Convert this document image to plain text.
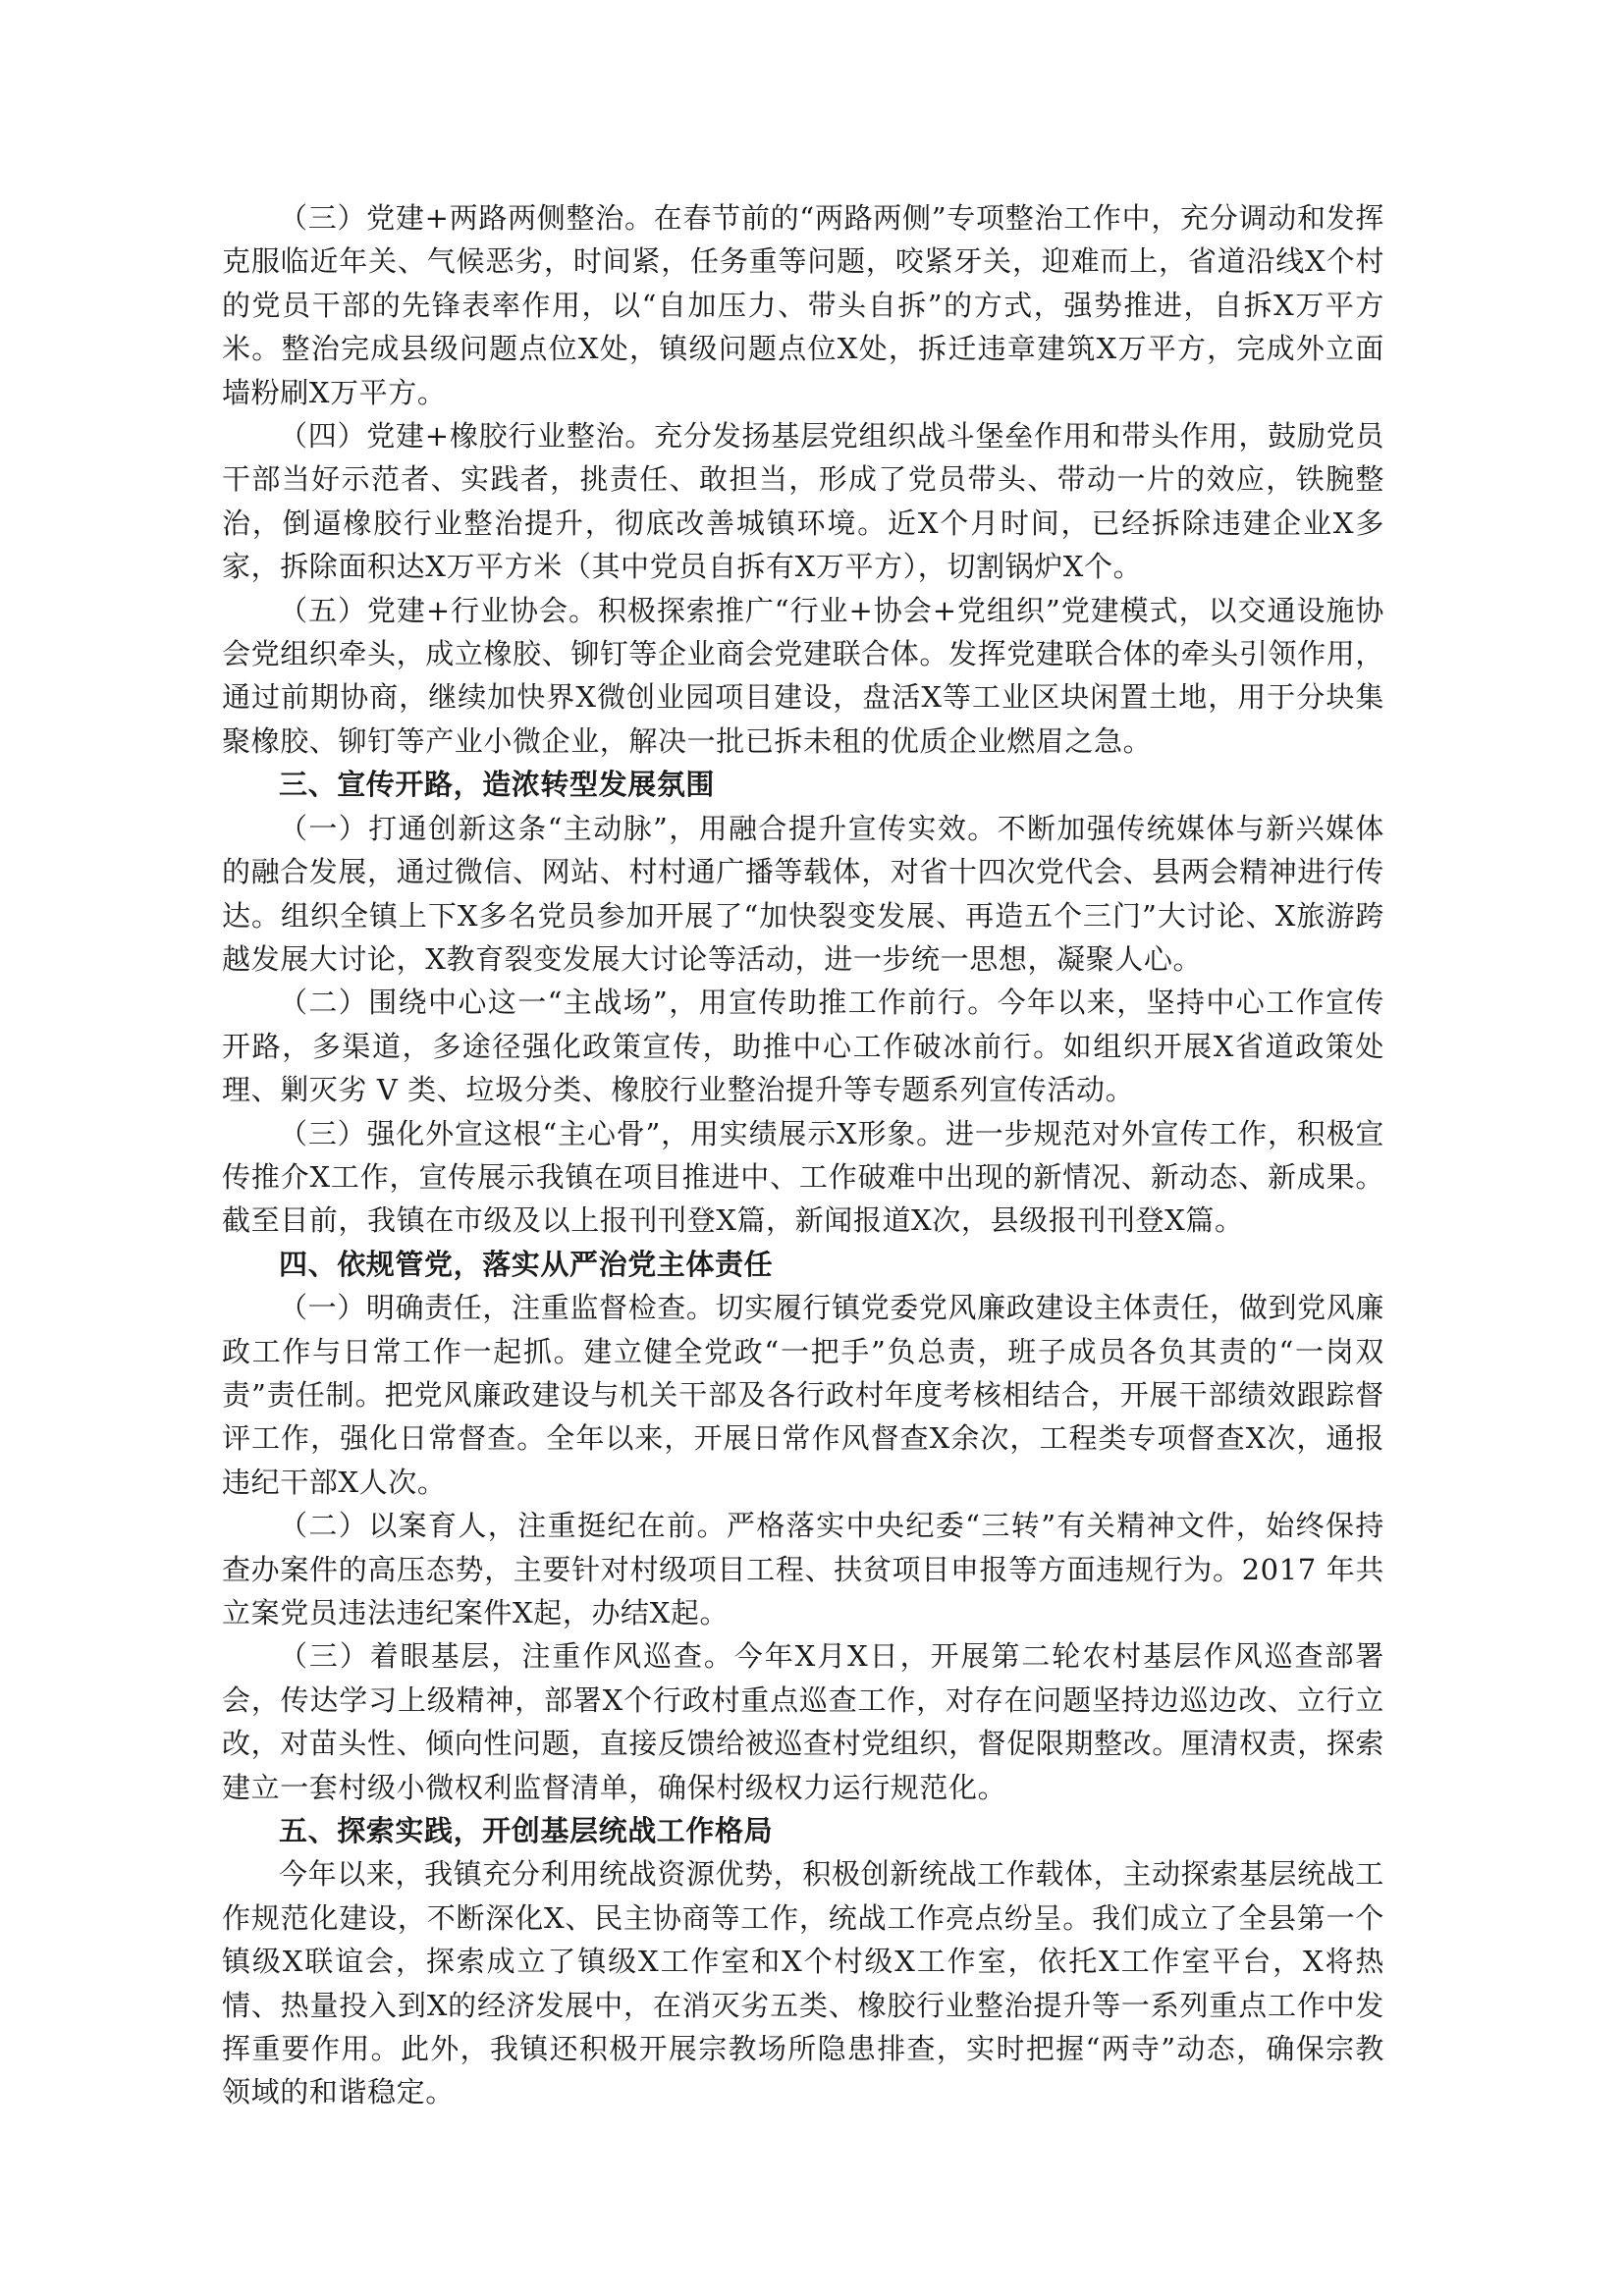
（三）党建+两路两侧整治。在春节前的“两路两侧”专项整治工作中，充分调动和发挥克服临近年关、气候恶劣，时间紧，任务重等问题，咬紧牙关，迎难而上，省道沿线X个村的党员干部的先锋表率作用，以“自加压力、带头自拆”的方式，强势推进，自拆X万平方米。整治完成县级问题点位X处，镇级问题点位X处，拆迁违章建筑X万平方，完成外立面墙粉刷X万平方。

（四）党建+橡胶行业整治。充分发扬基层党组织战斗堡垒作用和带头作用，鼓励党员干部当好示范者、实践者，挑责任、敢担当，形成了党员带头、带动一片的效应，铁腕整治，倒逼橡胶行业整治提升，彻底改善城镇环境。近X个月时间，已经拆除违建企业X多家，拆除面积达X万平方米（其中党员自拆有X万平方），切割锅炉X个。

（五）党建+行业协会。积极探索推广“行业+协会+党组织”党建模式，以交通设施协会党组织牵头，成立橡胶、铆钉等企业商会党建联合体。发挥党建联合体的牵头引领作用，通过前期协商，继续加快界X微创业园项目建设，盘活X等工业区块闲置土地，用于分块集聚橡胶、铆钉等产业小微企业，解决一批已拆未租的优质企业燃眉之急。

三、宣传开路，造浓转型发展氛围

（一）打通创新这条“主动脉”，用融合提升宣传实效。不断加强传统媒体与新兴媒体的融合发展，通过微信、网站、村村通广播等载体，对省十四次党代会、县两会精神进行传达。组织全镇上下X多名党员参加开展了“加快裂变发展、再造五个三门”大讨论、X旅游跨越发展大讨论，X教育裂变发展大讨论等活动，进一步统一思想，凝聚人心。

（二）围绕中心这一“主战场”，用宣传助推工作前行。今年以来，坚持中心工作宣传开路，多渠道，多途径强化政策宣传，助推中心工作破冰前行。如组织开展X省道政策处理、剿灭劣 V 类、垃圾分类、橡胶行业整治提升等专题系列宣传活动。

（三）强化外宣这根“主心骨”，用实绩展示X形象。进一步规范对外宣传工作，积极宣传推介X工作，宣传展示我镇在项目推进中、工作破难中出现的新情况、新动态、新成果。截至目前，我镇在市级及以上报刊刊登X篇，新闻报道X次，县级报刊刊登X篇。

四、依规管党，落实从严治党主体责任

（一）明确责任，注重监督检查。切实履行镇党委党风廉政建设主体责任，做到党风廉政工作与日常工作一起抓。建立健全党政“一把手”负总责，班子成员各负其责的“一岗双责”责任制。把党风廉政建设与机关干部及各行政村年度考核相结合，开展干部绩效跟踪督评工作，强化日常督查。全年以来，开展日常作风督查X余次，工程类专项督查X次，通报违纪干部X人次。

（二）以案育人，注重挺纪在前。严格落实中央纪委“三转”有关精神文件，始终保持查办案件的高压态势，主要针对村级项目工程、扶贫项目申报等方面违规行为。2017 年共立案党员违法违纪案件X起，办结X起。

（三）着眼基层，注重作风巡查。今年X月X日，开展第二轮农村基层作风巡查部署会，传达学习上级精神，部署X个行政村重点巡查工作，对存在问题坚持边巡边改、立行立改，对苗头性、倾向性问题，直接反馈给被巡查村党组织，督促限期整改。厘清权责，探索建立一套村级小微权利监督清单，确保村级权力运行规范化。

五、探索实践，开创基层统战工作格局

今年以来，我镇充分利用统战资源优势，积极创新统战工作载体，主动探索基层统战工作规范化建设，不断深化X、民主协商等工作，统战工作亮点纷呈。我们成立了全县第一个镇级X联谊会，探索成立了镇级X工作室和X个村级X工作室，依托X工作室平台，X将热情、热量投入到X的经济发展中，在消灭劣五类、橡胶行业整治提升等一系列重点工作中发挥重要作用。此外，我镇还积极开展宗教场所隐患排查，实时把握“两寺”动态，确保宗教领域的和谐稳定。
